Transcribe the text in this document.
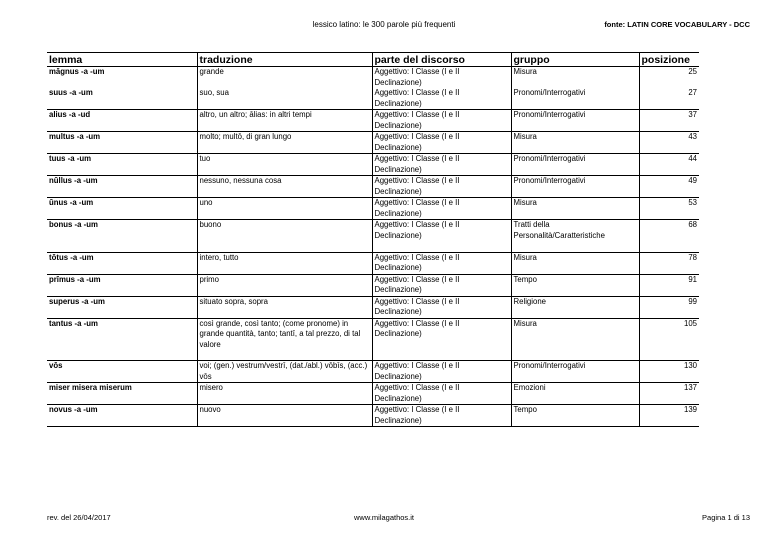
lessico latino: le 300 parole più frequenti	fonte: LATIN CORE VOCABULARY - DCC
lemma	traduzione	parte del discorso	gruppo	posizione
māgnus -a -um	grande	Aggettivo: I Classe (I e II Declinazione)	Misura	25
suus -a -um	suo, sua	Aggettivo: I Classe (I e II Declinazione)	Pronomi/Interrogativi	27
alius -a -ud	altro, un altro; ālias: in altri tempi	Aggettivo: I Classe (I e II Declinazione)	Pronomi/Interrogativi	37
multus -a -um	molto; multō, di gran lungo	Aggettivo: I Classe (I e II Declinazione)	Misura	43
tuus -a -um	tuo	Aggettivo: I Classe (I e II Declinazione)	Pronomi/Interrogativi	44
nūllus -a -um	nessuno, nessuna cosa	Aggettivo: I Classe (I e II Declinazione)	Pronomi/Interrogativi	49
ūnus -a -um	uno	Aggettivo: I Classe (I e II Declinazione)	Misura	53
bonus -a -um	buono	Aggettivo: I Classe (I e II Declinazione)	Tratti della Personalità/Caratteristiche	68
tōtus -a -um	intero, tutto	Aggettivo: I Classe (I e II Declinazione)	Misura	78
prīmus -a -um	primo	Aggettivo: I Classe (I e II Declinazione)	Tempo	91
superus -a -um	situato sopra, sopra	Aggettivo: I Classe (I e II Declinazione)	Religione	99
tantus -a -um	così grande, così tanto; (come pronome) in grande quantità, tanto; tantī, a tal prezzo, di tal valore	Aggettivo: I Classe (I e II Declinazione)	Misura	105
vōs	voi; (gen.) vestrum/vestrī, (dat./abl.) vōbīs, (acc.) vōs	Aggettivo: I Classe (I e II Declinazione)	Pronomi/Interrogativi	130
miser misera miserum	misero	Aggettivo: I Classe (I e II Declinazione)	Emozioni	137
novus -a -um	nuovo	Aggettivo: I Classe (I e II Declinazione)	Tempo	139
rev. del 26/04/2017	www.milagathos.it	Pagina 1 di 13
